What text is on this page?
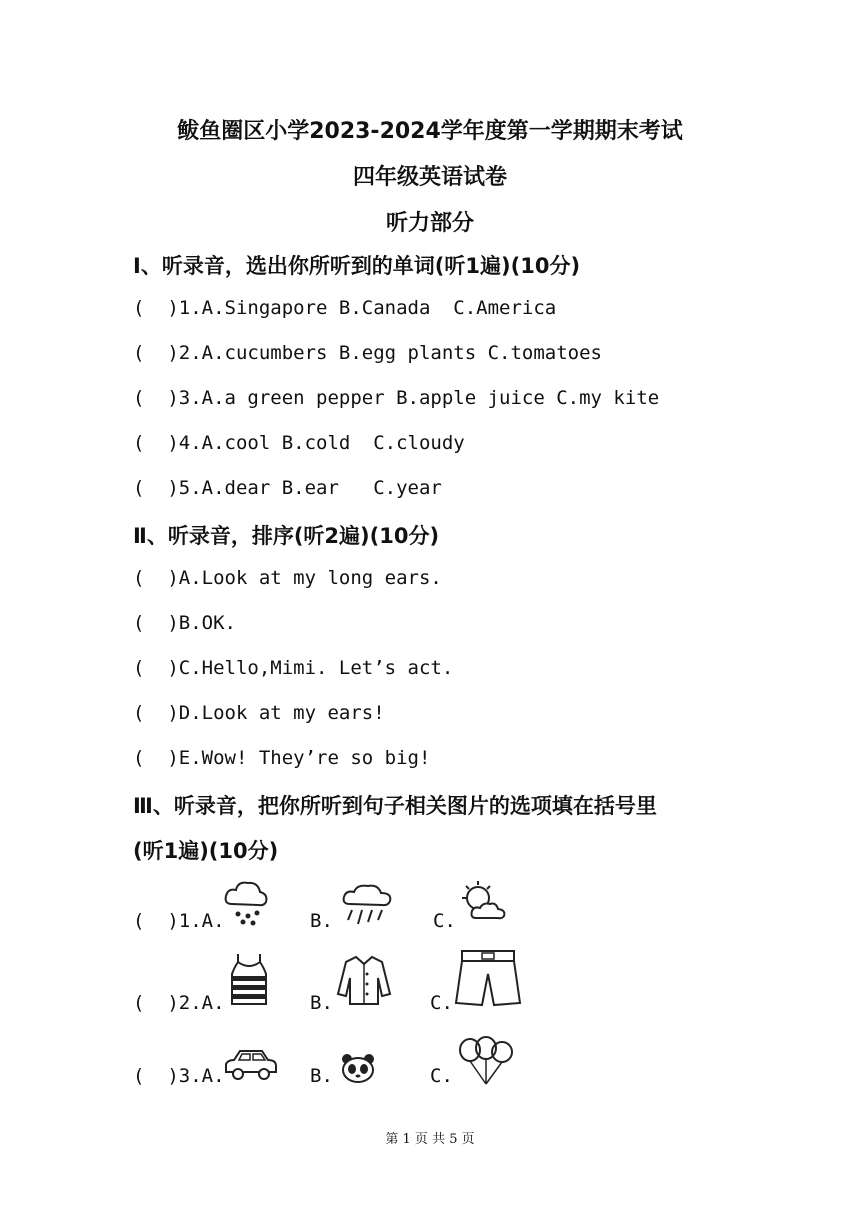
鲅鱼圈区小学2023-2024学年度第一学期期末考试
四年级英语试卷
听力部分
I、听录音，选出你所听到的单词(听1遍)(10分)
(  )1.A.Singapore B.Canada  C.America
(  )2.A.cucumbers B.egg plants C.tomatoes
(  )3.A.a green pepper B.apple juice C.my kite
(  )4.A.cool B.cold  C.cloudy
(  )5.A.dear B.ear   C.year
Ⅱ、听录音，排序(听2遍)(10分)
(  )A.Look at my long ears.
(  )B.OK.
(  )C.Hello,Mimi. Let’s act.
(  )D.Look at my ears!
(  )E.Wow! They’re so big!
Ⅲ、听录音，把你所听到句子相关图片的选项填在括号里
(听1遍)(10分)
(  )1.A.	B.	C.
(  )2.A.	B.	C.
(  )3.A.	B.	C.
第 1 页 共 5 页
